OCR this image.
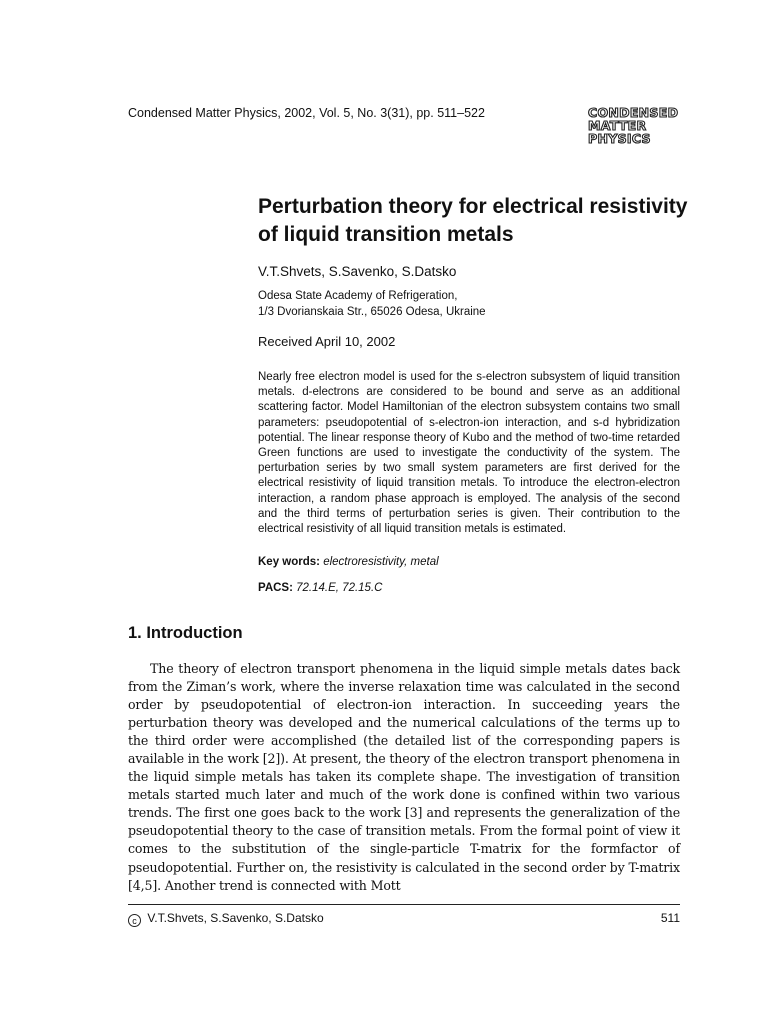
Condensed Matter Physics, 2002, Vol. 5, No. 3(31), pp. 511–522	CONDENSED
MATTER
PHYSICS
Perturbation theory for electrical resistivity of liquid transition metals
V.T.Shvets, S.Savenko, S.Datsko
Odesa State Academy of Refrigeration,
1/3 Dvorianskaia Str., 65026 Odesa, Ukraine
Received April 10, 2002

Nearly free electron model is used for the s-electron subsystem of liquid transition metals. d-electrons are considered to be bound and serve as an additional scattering factor. Model Hamiltonian of the electron subsystem contains two small parameters: pseudopotential of s-electron-ion interaction, and s-d hybridization potential. The linear response theory of Kubo and the method of two-time retarded Green functions are used to investigate the conductivity of the system. The perturbation series by two small system parameters are first derived for the electrical resistivity of liquid transition metals. To introduce the electron-electron interaction, a random phase approach is employed. The analysis of the second and the third terms of perturbation series is given. Their contribution to the electrical resistivity of all liquid transition metals is estimated.

Key words: electroresistivity, metal
PACS: 72.14.E, 72.15.C
1. Introduction

The theory of electron transport phenomena in the liquid simple metals dates back from the Ziman’s work, where the inverse relaxation time was calculated in the second order by pseudopotential of electron-ion interaction. In succeeding years the perturbation theory was developed and the numerical calculations of the terms up to the third order were accomplished (the detailed list of the corresponding papers is available in the work [2]). At present, the theory of the electron transport phenomena in the liquid simple metals has taken its complete shape. The investigation of transition metals started much later and much of the work done is confined within two various trends. The first one goes back to the work [3] and represents the generalization of the pseudopotential theory to the case of transition metals. From the formal point of view it comes to the substitution of the single-particle T-matrix for the formfactor of pseudopotential. Further on, the resistivity is calculated in the second order by T-matrix [4,5]. Another trend is connected with Mott

c V.T.Shvets, S.Savenko, S.Datsko	511
